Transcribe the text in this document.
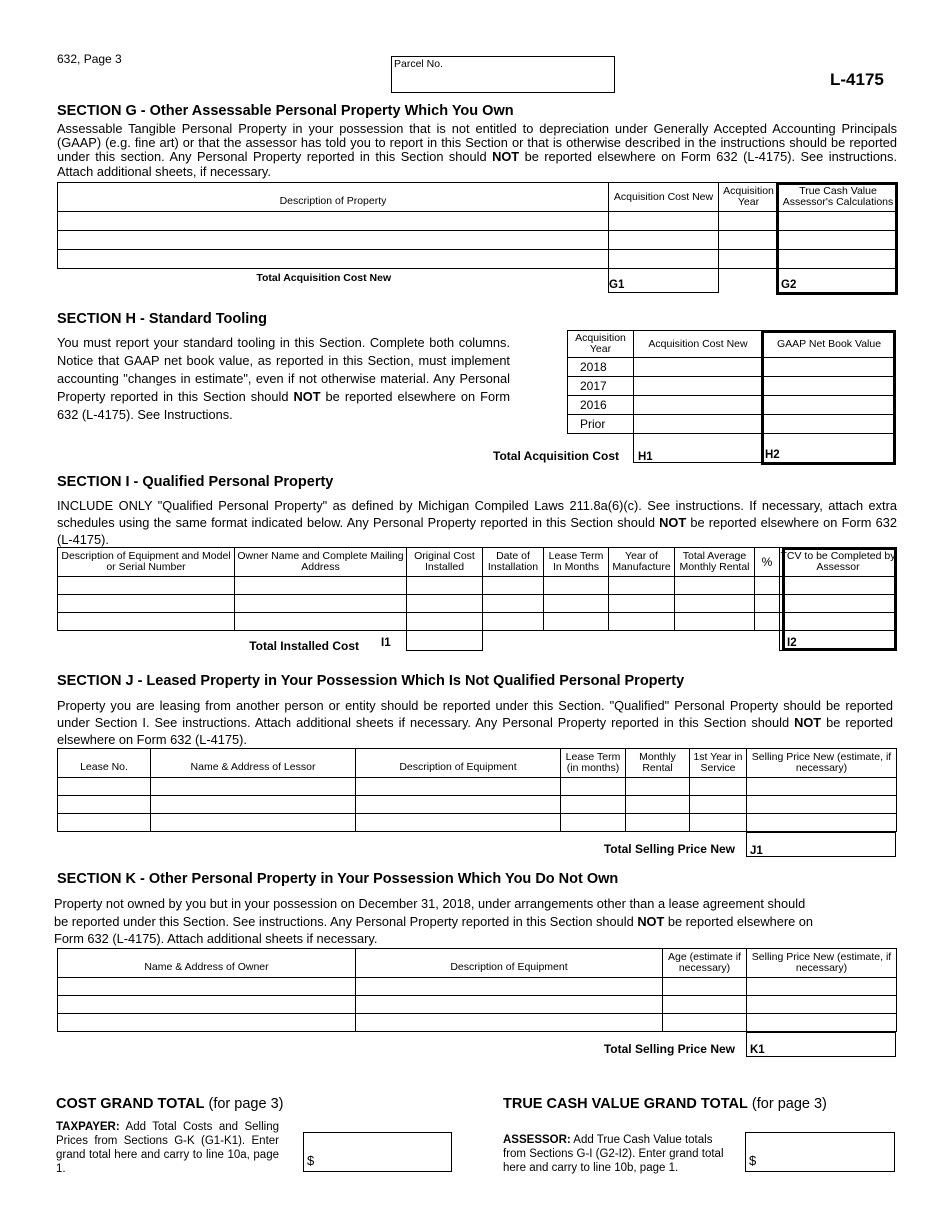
632, Page 3	Parcel No.
L-4175
SECTION G - Other Assessable Personal Property Which You Own
Assessable Tangible Personal Property in your possession that is not entitled to depreciation under Generally Accepted Accounting Principals (GAAP) (e.g. fine art) or that the assessor has told you to report in this Section or that is otherwise described in the instructions should be reported under this section. Any Personal Property reported in this Section should NOT be reported elsewhere on Form 632 (L-4175). See instructions. Attach additional sheets, if necessary.
Description of Property	Acquisition Cost New	Acquisition Year	True Cash Value Assessor's Calculations

Total Acquisition Cost New			
G1	G2
SECTION H - Standard Tooling
You must report your standard tooling in this Section. Complete both columns. Notice that GAAP net book value, as reported in this Section, must implement accounting "changes in estimate", even if not otherwise material. Any Personal Property reported in this Section should NOT be reported elsewhere on Form 632 (L-4175). See Instructions.
Acquisition Year	Acquisition Cost New	GAAP Net Book Value
2018		
2017		
2016		
Prior		

Total Acquisition Cost H1	H2
SECTION I - Qualified Personal Property
INCLUDE ONLY "Qualified Personal Property" as defined by Michigan Compiled Laws 211.8a(6)(c). See instructions. If necessary, attach extra schedules using the same format indicated below. Any Personal Property reported in this Section should NOT be reported elsewhere on Form 632 (L-4175).
Description of Equipment and Model or Serial Number	Owner Name and Complete Mailing Address	Original Cost Installed	Date of Installation	Lease Term In Months	Year of Manufacture	Total Average Monthly Rental	%	TCV to be Completed by Assessor

Total Installed Cost I1	I2
SECTION J - Leased Property in Your Possession Which Is Not Qualified Personal Property
Property you are leasing from another person or entity should be reported under this Section. "Qualified" Personal Property should be reported under Section I. See instructions. Attach additional sheets if necessary. Any Personal Property reported in this Section should NOT be reported elsewhere on Form 632 (L-4175).
Lease No.	Name & Address of Lessor	Description of Equipment	Lease Term (in months)	Monthly Rental	1st Year in Service	Selling Price New (estimate, if necessary)

Total Selling Price New J1
SECTION K - Other Personal Property in Your Possession Which You Do Not Own
Property not owned by you but in your possession on December 31, 2018, under arrangements other than a lease agreement should
be reported under this Section. See instructions. Any Personal Property reported in this Section should NOT be reported elsewhere on
Form 632 (L-4175). Attach additional sheets if necessary.
Name & Address of Owner	Description of Equipment	Age (estimate if necessary)	Selling Price New (estimate, if necessary)

Total Selling Price New K1
COST GRAND TOTAL (for page 3)
TAXPAYER: Add Total Costs and Selling Prices from Sections G-K (G1-K1). Enter grand total here and carry to line 10a, page 1.
$
TRUE CASH VALUE GRAND TOTAL (for page 3)
ASSESSOR: Add True Cash Value totals from Sections G-I (G2-I2). Enter grand total here and carry to line 10b, page 1.	$
